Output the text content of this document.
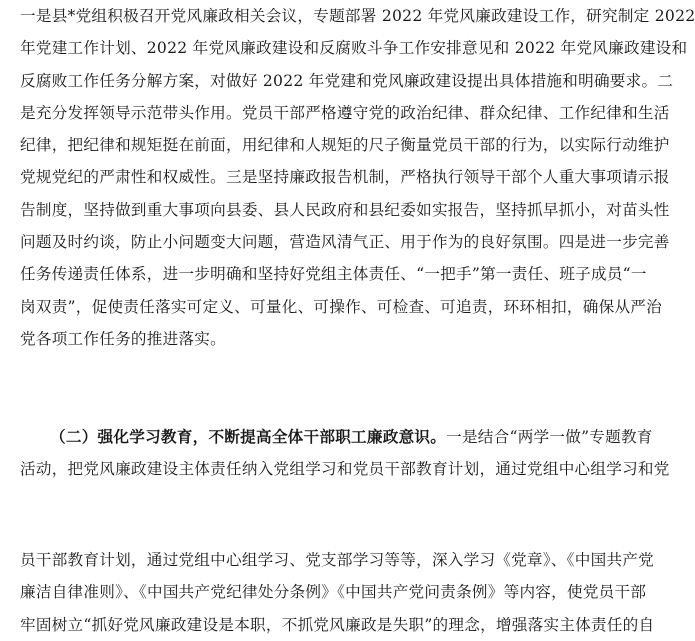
一是县*党组积极召开党风廉政相关会议，专题部署 2022 年党风廉政建设工作，研究制定 2022
年党建工作计划、2022 年党风廉政建设和反腐败斗争工作安排意见和 2022 年党风廉政建设和
反腐败工作任务分解方案，对做好 2022 年党建和党风廉政建设提出具体措施和明确要求。二
是充分发挥领导示范带头作用。党员干部严格遵守党的政治纪律、群众纪律、工作纪律和生活
纪律，把纪律和规矩挺在前面，用纪律和人规矩的尺子衡量党员干部的行为，以实际行动维护
党规党纪的严肃性和权威性。三是坚持廉政报告机制，严格执行领导干部个人重大事项请示报
告制度，坚持做到重大事项向县委、县人民政府和县纪委如实报告，坚持抓早抓小，对苗头性
问题及时约谈，防止小问题变大问题，营造风清气正、用于作为的良好氛围。四是进一步完善
任务传递责任体系，进一步明确和坚持好党组主体责任、“一把手”第一责任、班子成员“一
岗双责”，促使责任落实可定义、可量化、可操作、可检查、可追责，环环相扣，确保从严治
党各项工作任务的推进落实。
（二）强化学习教育，不断提高全体干部职工廉政意识。一是结合“两学一做”专题教育
活动，把党风廉政建设主体责任纳入党组学习和党员干部教育计划，通过党组中心组学习和党
员干部教育计划，通过党组中心组学习、党支部学习等等，深入学习《党章》、《中国共产党
廉洁自律准则》、《中国共产党纪律处分条例》《中国共产党问责条例》等内容，使党员干部
牢固树立“抓好党风廉政建设是本职，不抓党风廉政是失职”的理念，增强落实主体责任的自
